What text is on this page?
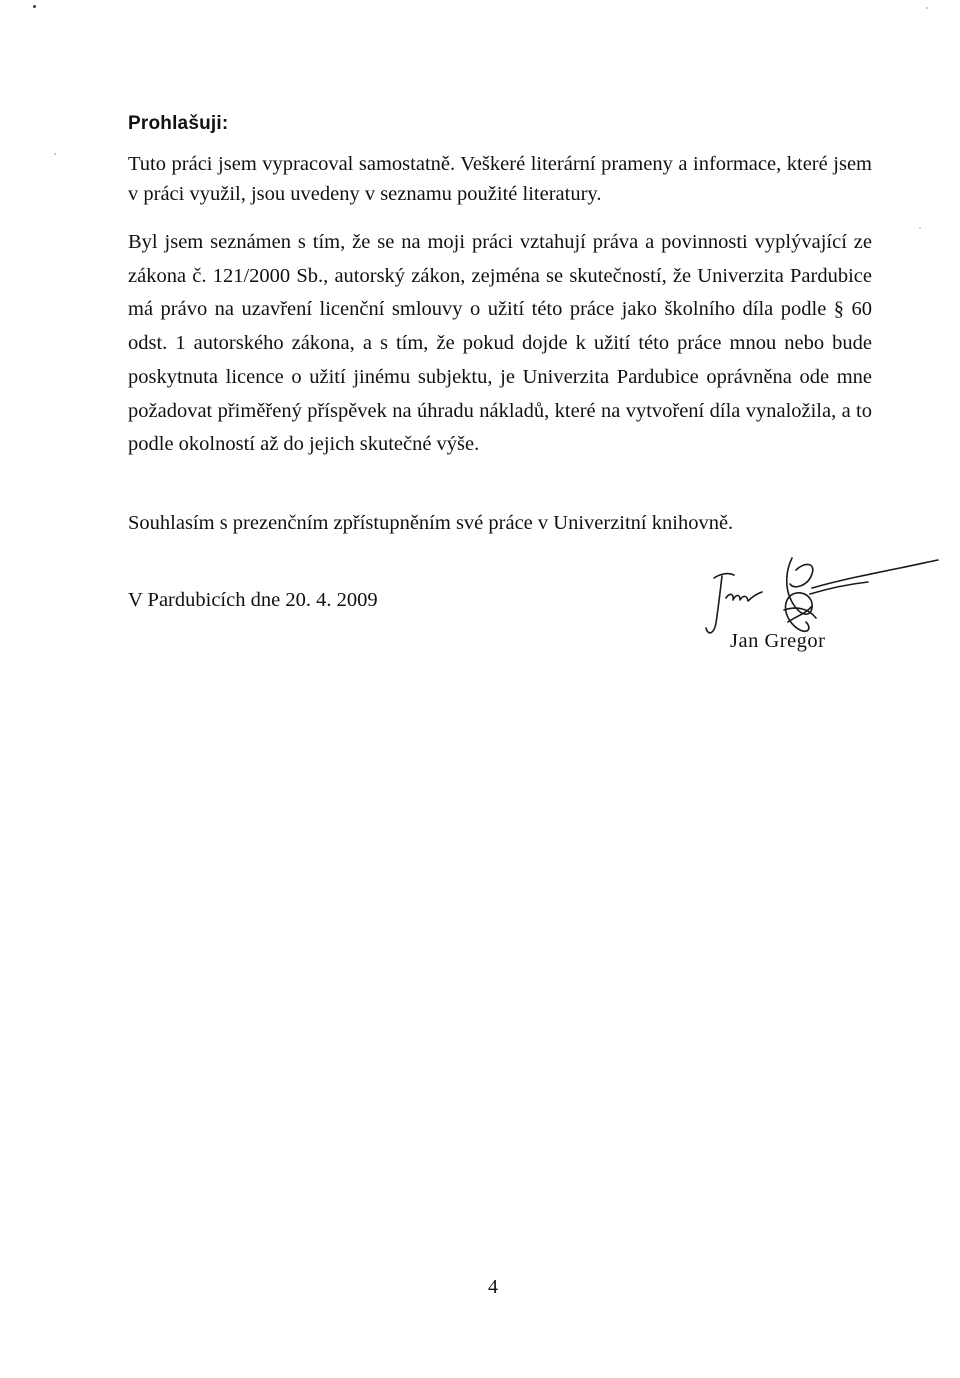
Prohlašuji:

Tuto práci jsem vypracoval samostatně. Veškeré literární prameny a informace, které jsem
v práci využil, jsou uvedeny v seznamu použité literatury.

Byl jsem seznámen s tím, že se na moji práci vztahují práva a povinnosti vyplývající ze
zákona č. 121/2000 Sb., autorský zákon, zejména se skutečností, že Univerzita Pardubice
má právo na uzavření licenční smlouvy o užití této práce jako školního díla podle § 60
odst. 1 autorského zákona, a s tím, že pokud dojde k užití této práce mnou nebo bude
poskytnuta licence o užití jinému subjektu, je Univerzita Pardubice oprávněna ode mne
požadovat přiměřený příspěvek na úhradu nákladů, které na vytvoření díla vynaložila, a to
podle okolností až do jejich skutečné výše.

Souhlasím s prezenčním zpřístupněním své práce v Univerzitní knihovně.

V Pardubicích dne 20. 4. 2009
Jan Gregor
4
